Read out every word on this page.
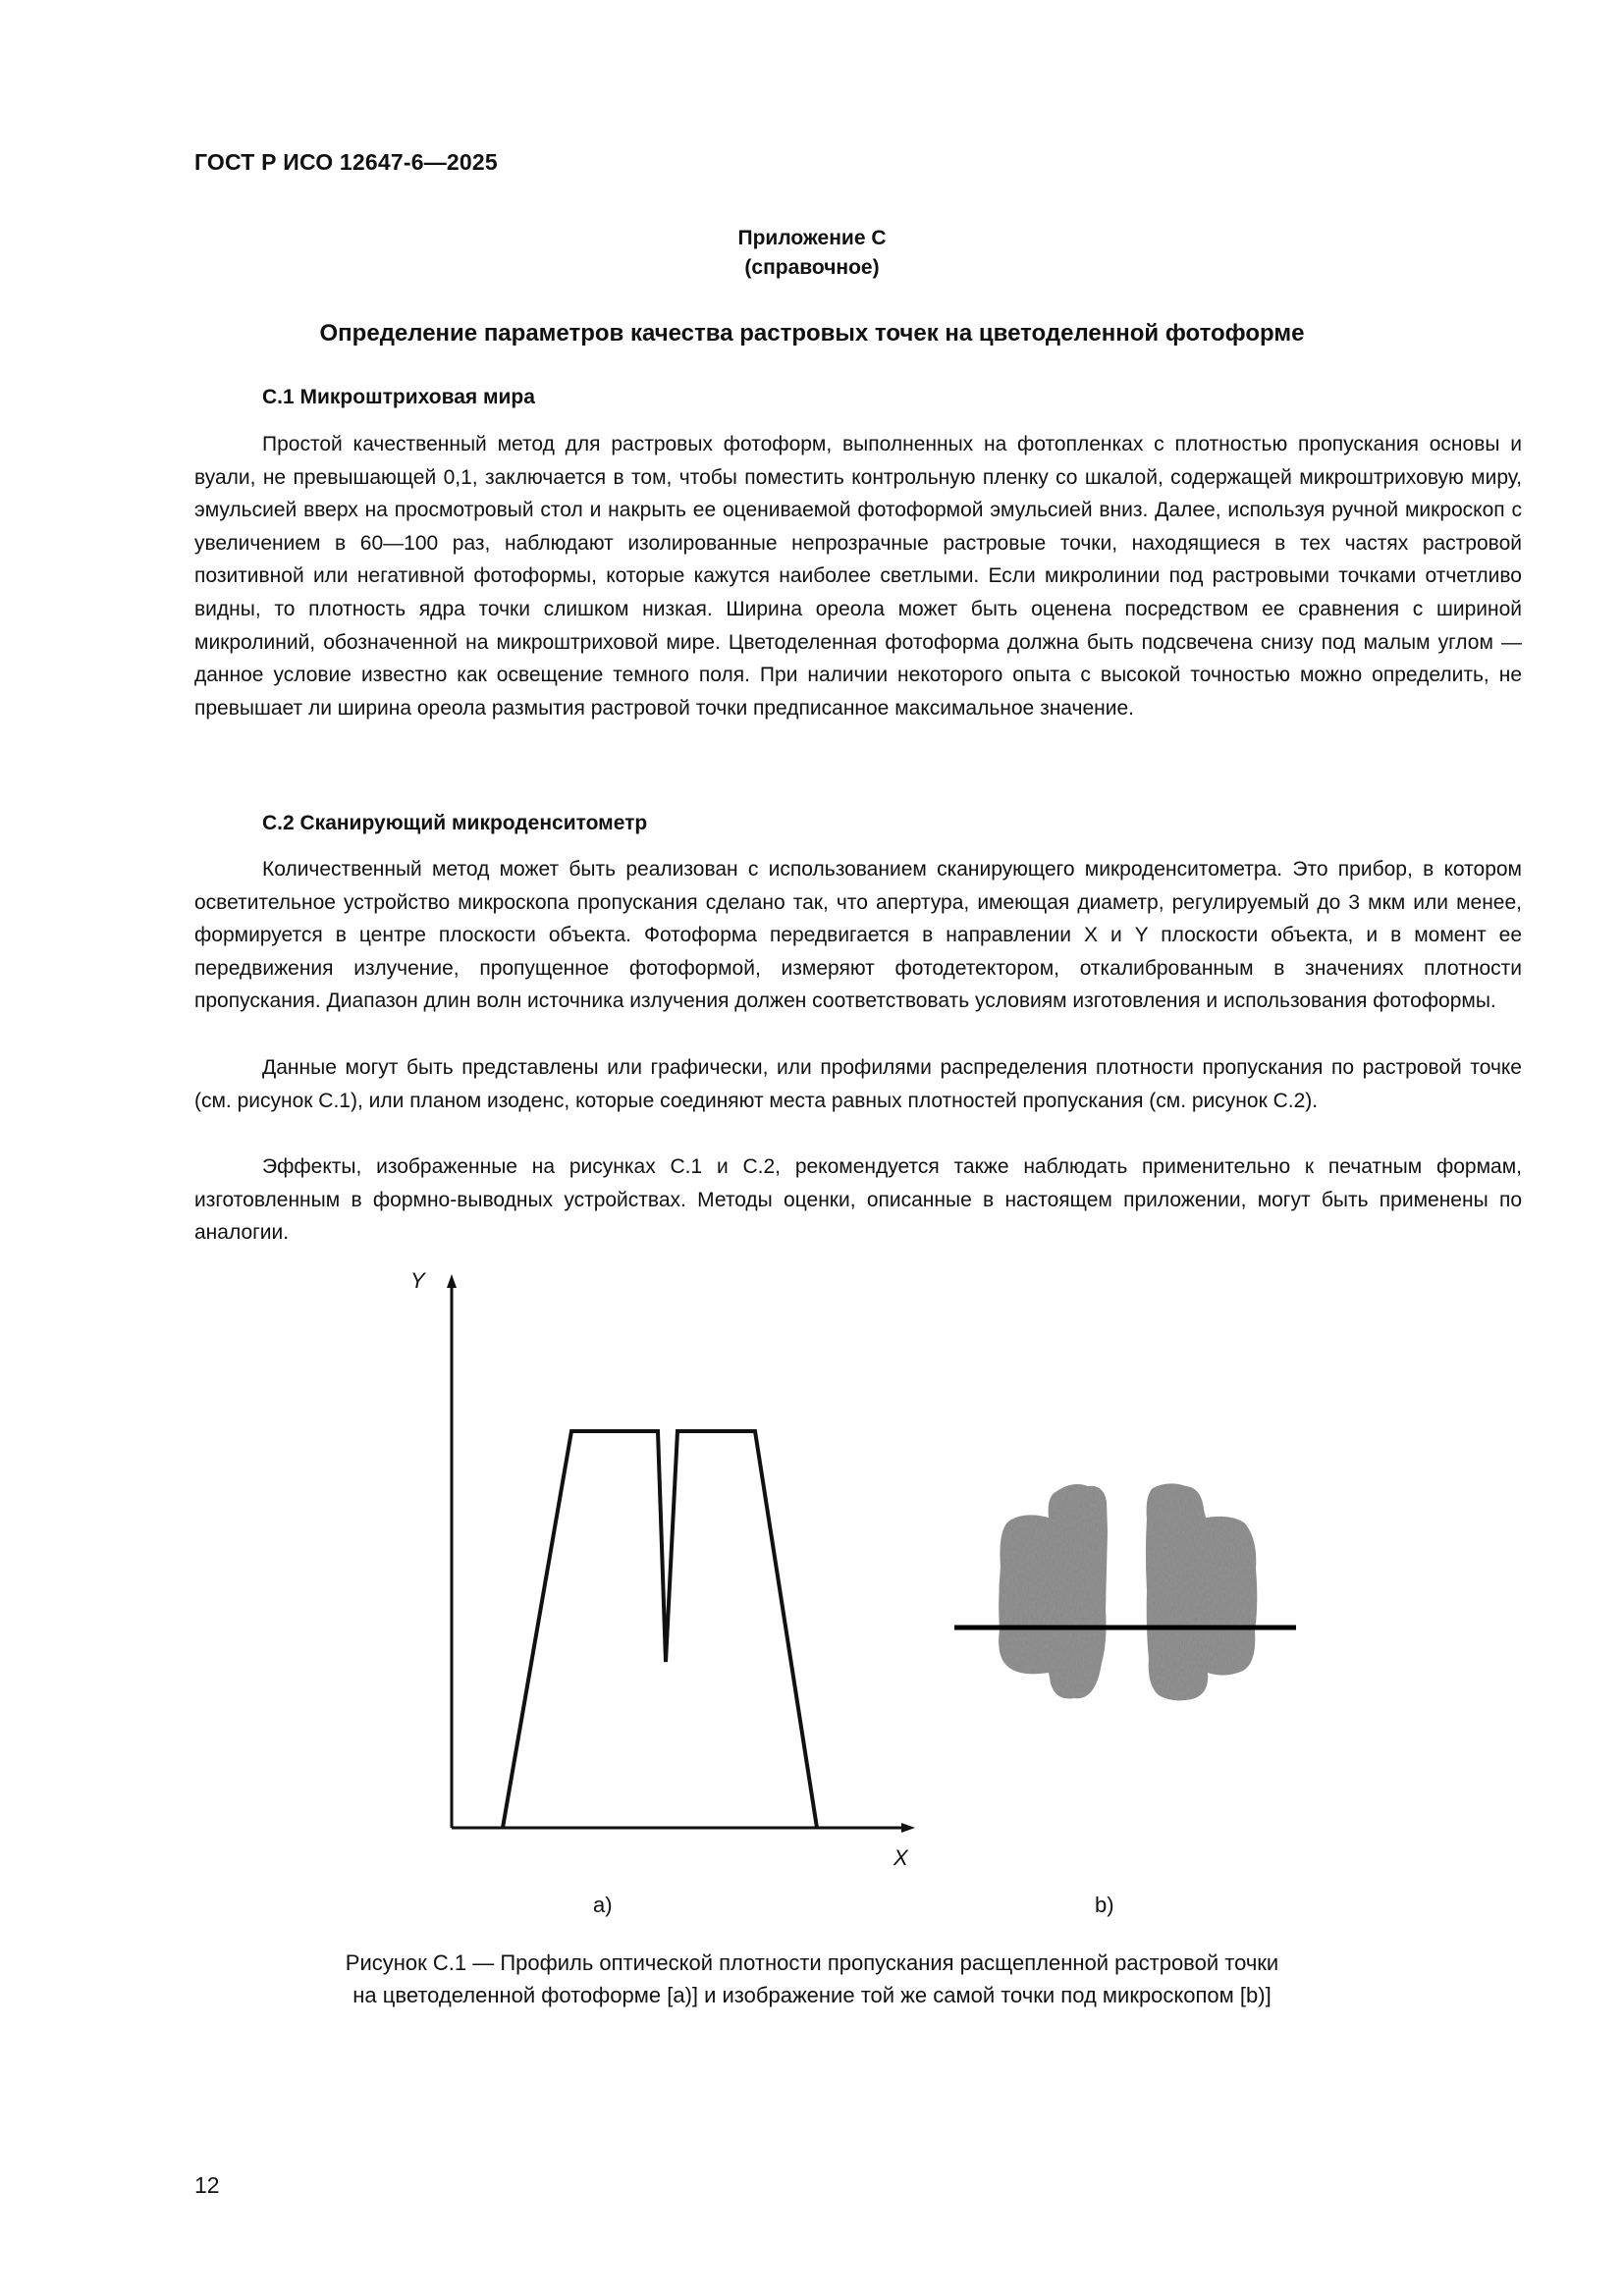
ГОСТ Р ИСО 12647-6—2025
Приложение С
(справочное)
Определение параметров качества растровых точек на цветоделенной фотоформе
С.1 Микроштриховая мира

Простой качественный метод для растровых фотоформ, выполненных на фотопленках с плотностью пропускания основы и вуали, не превышающей 0,1, заключается в том, чтобы поместить контрольную пленку со шкалой, содержащей микроштриховую миру, эмульсией вверх на просмотровый стол и накрыть ее оцениваемой фотоформой эмульсией вниз. Далее, используя ручной микроскоп с увеличением в 60—100 раз, наблюдают изолированные непрозрачные растровые точки, находящиеся в тех частях растровой позитивной или негативной фотоформы, которые кажутся наиболее светлыми. Если микролинии под растровыми точками отчетливо видны, то плотность ядра точки слишком низкая. Ширина ореола может быть оценена посредством ее сравнения с шириной микролиний, обозначенной на микроштриховой мире. Цветоделенная фотоформа должна быть подсвечена снизу под малым углом — данное условие известно как освещение темного поля. При наличии некоторого опыта с высокой точностью можно определить, не превышает ли ширина ореола размытия растровой точки предписанное максимальное значение.

С.2 Сканирующий микроденситометр

Количественный метод может быть реализован с использованием сканирующего микроденситометра. Это прибор, в котором осветительное устройство микроскопа пропускания сделано так, что апертура, имеющая диаметр, регулируемый до 3 мкм или менее, формируется в центре плоскости объекта. Фотоформа передвигается в направлении X и Y плоскости объекта, и в момент ее передвижения излучение, пропущенное фотоформой, измеряют фотодетектором, откалиброванным в значениях плотности пропускания. Диапазон длин волн источника излучения должен соответствовать условиям изготовления и использования фотоформы.

Данные могут быть представлены или графически, или профилями распределения плотности пропускания по растровой точке (см. рисунок С.1), или планом изоденс, которые соединяют места равных плотностей пропускания (см. рисунок С.2).

Эффекты, изображенные на рисунках С.1 и С.2, рекомендуется также наблюдать применительно к печатным формам, изготовленным в формно-выводных устройствах. Методы оценки, описанные в настоящем приложении, могут быть применены по аналогии.

Y
X
a)	b)
Рисунок С.1 — Профиль оптической плотности пропускания расщепленной растровой точки
на цветоделенной фотоформе [a)] и изображение той же самой точки под микроскопом [b)]
12
